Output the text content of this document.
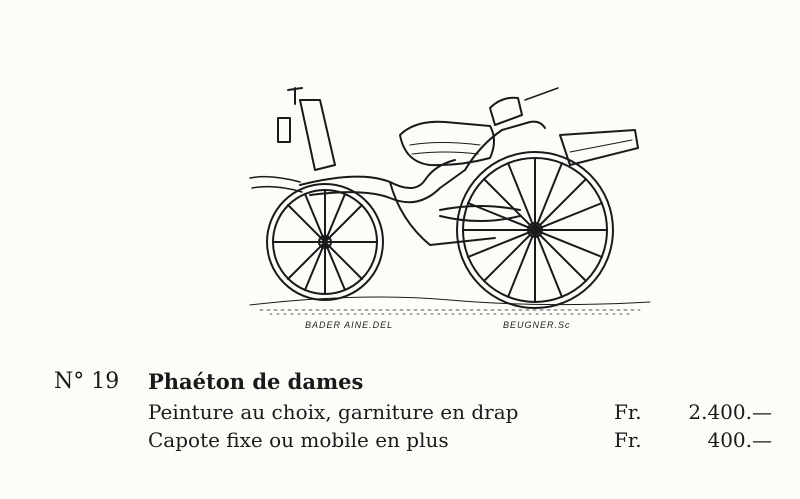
BADER AINE.DEL	BEUGNER.Sc
N° 19 Phaéton de dames
Peinture au choix, garniture en drap	Fr.	2.400.—
Capote fixe ou mobile en plus	Fr.	400.—
